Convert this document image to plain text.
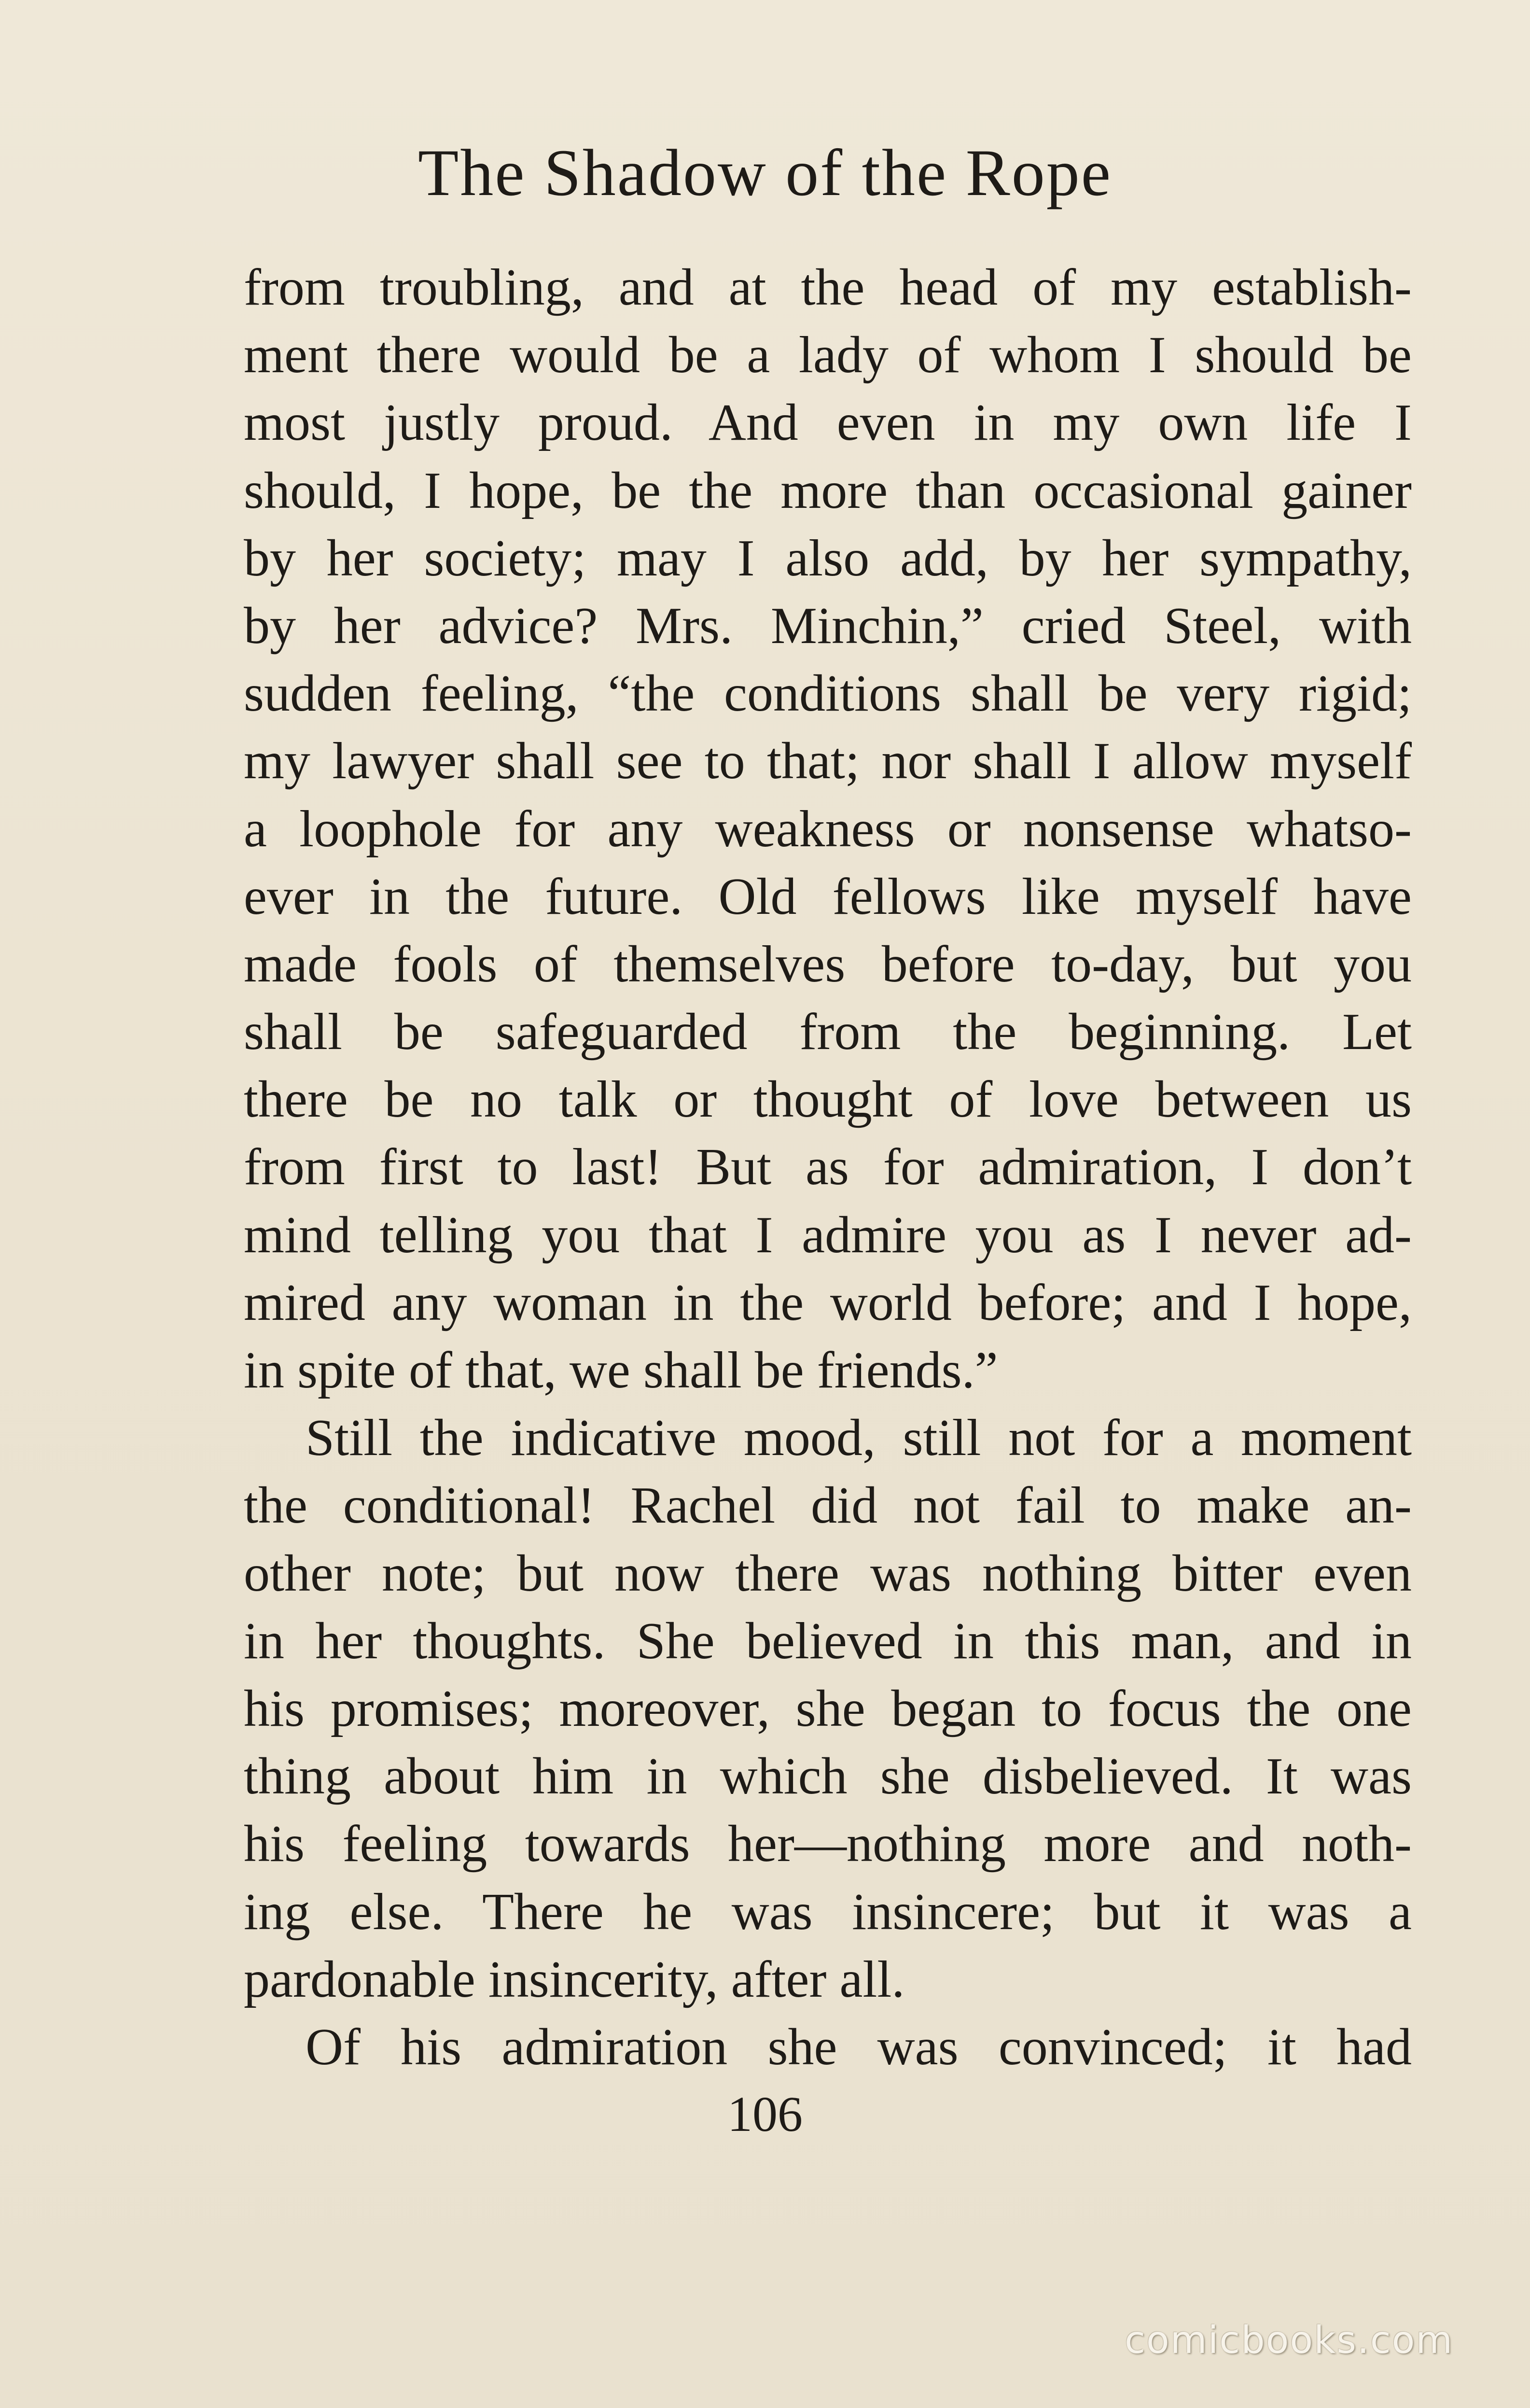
The Shadow of the Rope
from troubling, and at the head of my establish-
ment there would be a lady of whom I should be
most justly proud. And even in my own life I
should, I hope, be the more than occasional gainer
by her society; may I also add, by her sympathy,
by her advice? Mrs. Minchin,” cried Steel, with
sudden feeling, “the conditions shall be very rigid;
my lawyer shall see to that; nor shall I allow myself
a loophole for any weakness or nonsense whatso-
ever in the future. Old fellows like myself have
made fools of themselves before to-day, but you
shall be safeguarded from the beginning. Let
there be no talk or thought of love between us
from first to last! But as for admiration, I don’t
mind telling you that I admire you as I never ad-
mired any woman in the world before; and I hope,
in spite of that, we shall be friends.”
Still the indicative mood, still not for a moment
the conditional! Rachel did not fail to make an-
other note; but now there was nothing bitter even
in her thoughts. She believed in this man, and in
his promises; moreover, she began to focus the one
thing about him in which she disbelieved. It was
his feeling towards her—nothing more and noth-
ing else. There he was insincere; but it was a
pardonable insincerity, after all.
Of his admiration she was convinced; it had
106
comicbooks.com
